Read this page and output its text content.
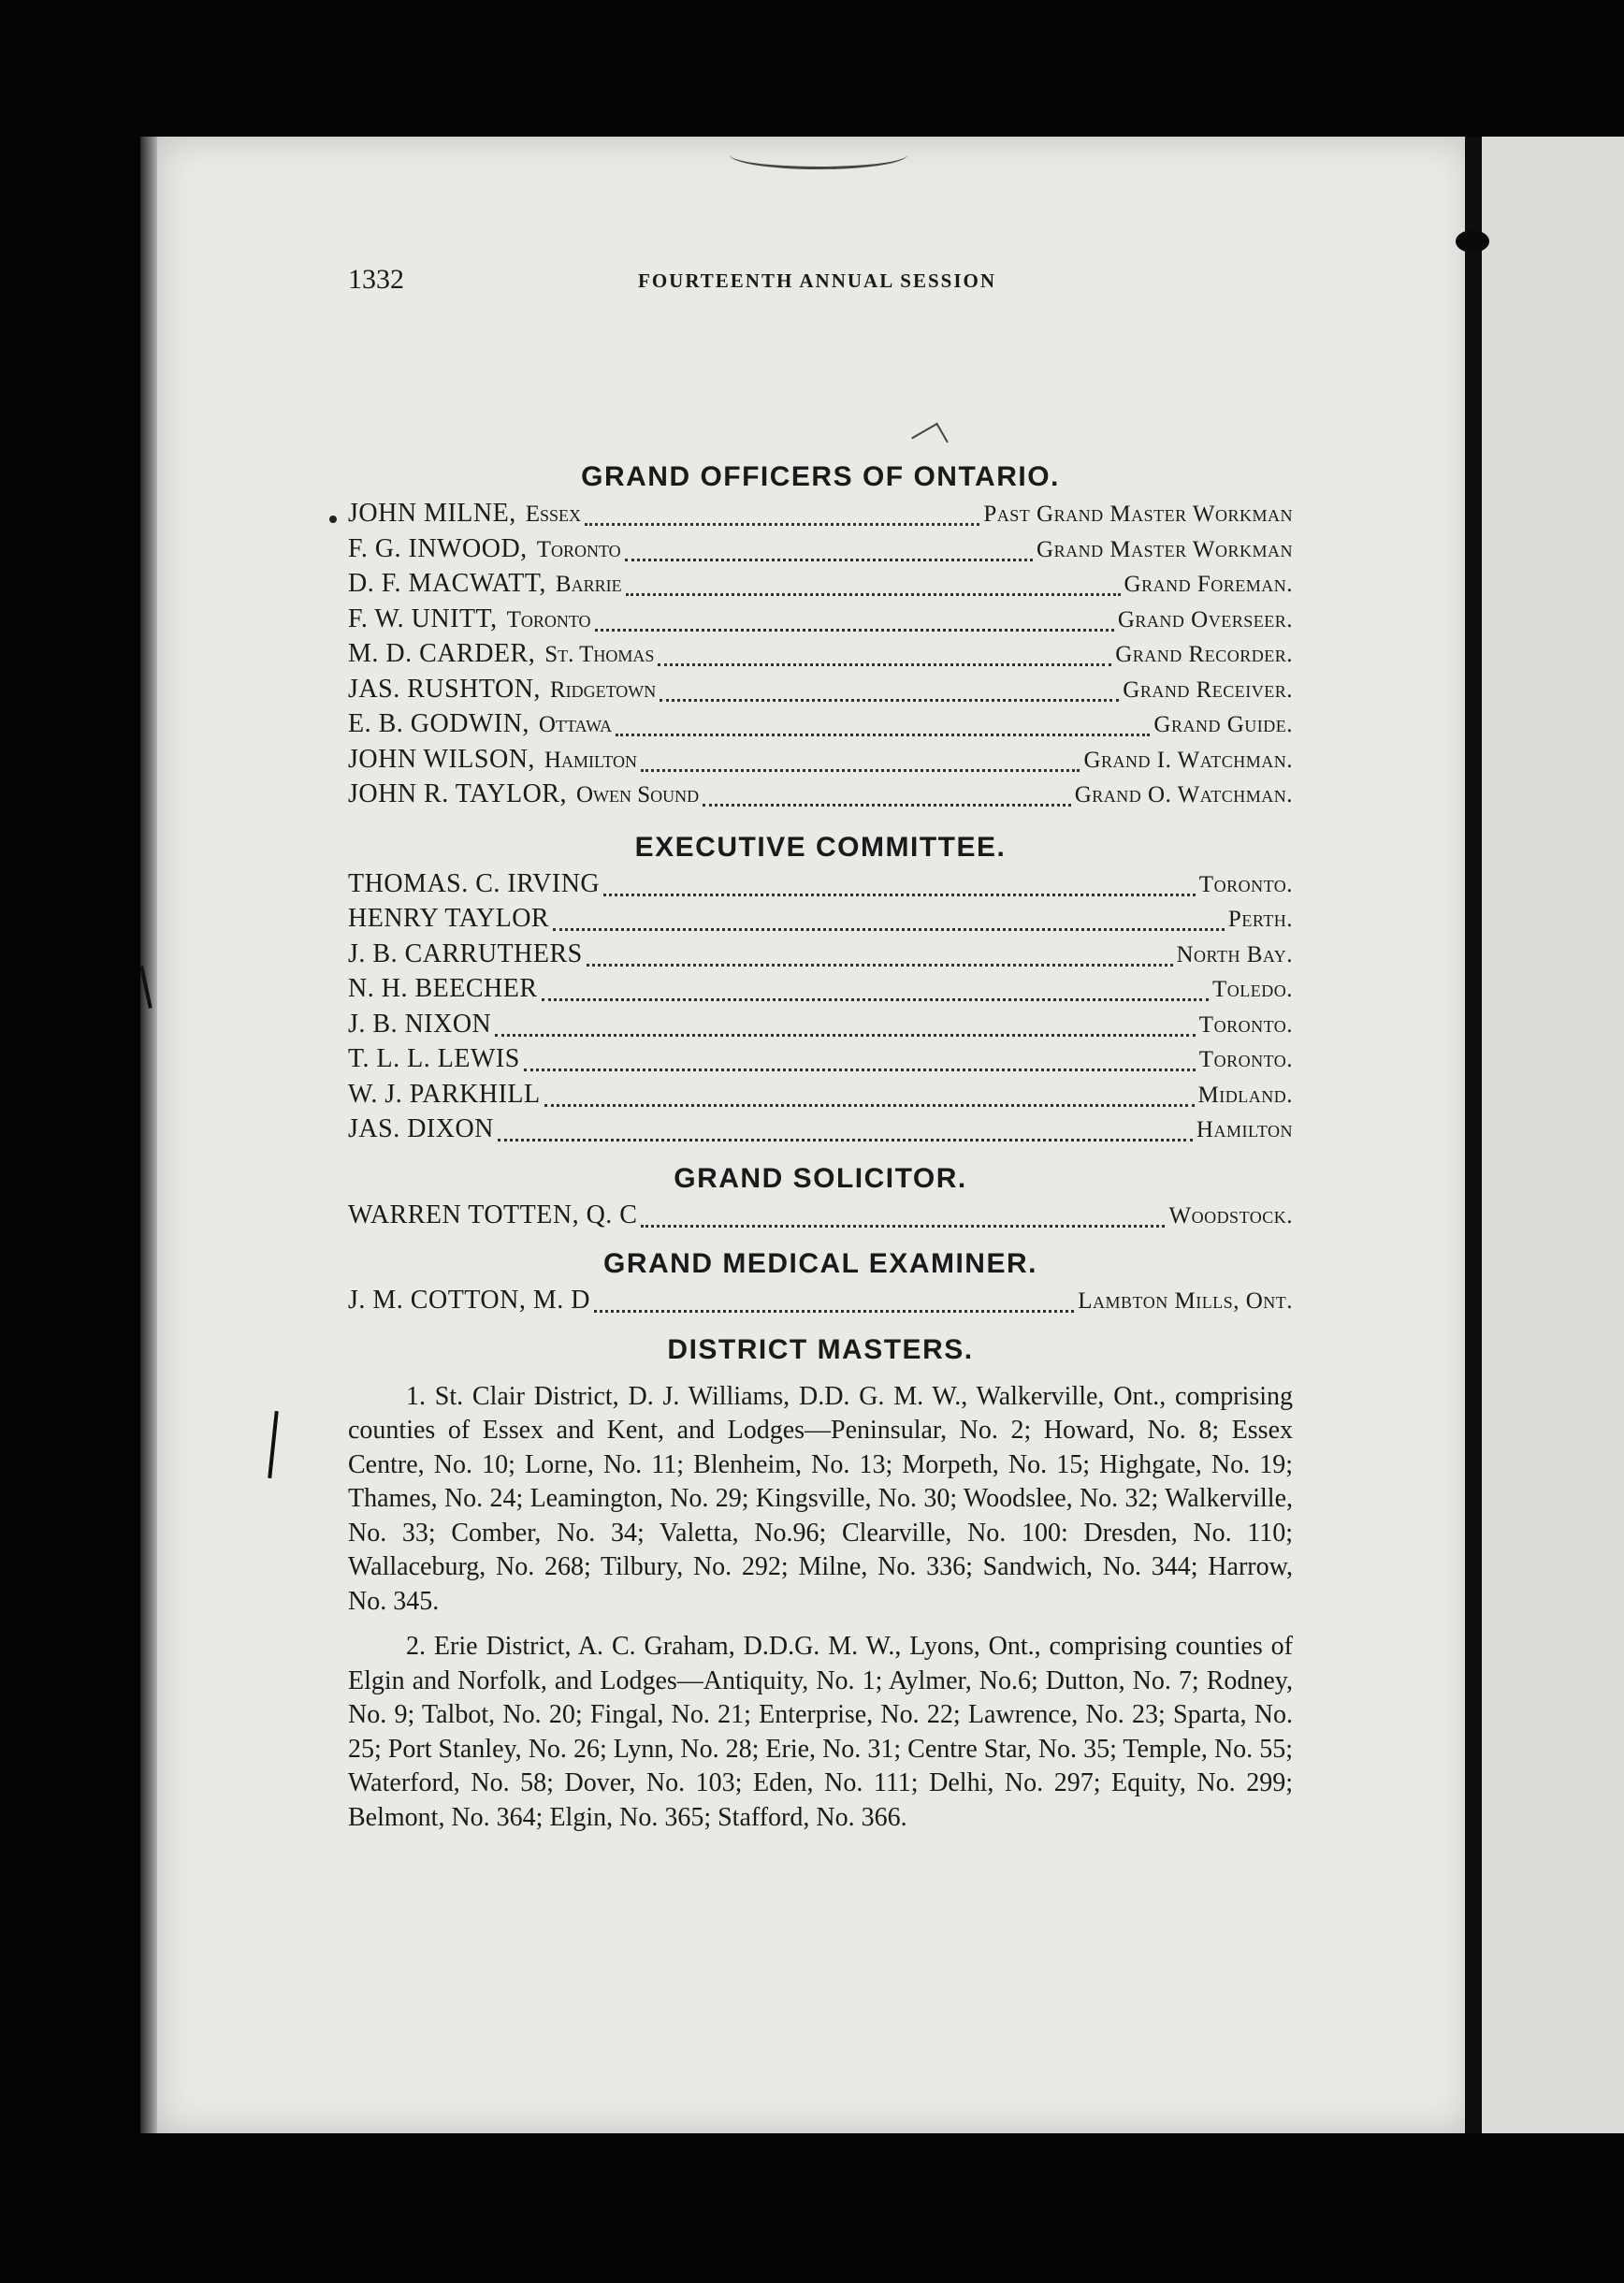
1332	FOURTEENTH ANNUAL SESSION
GRAND OFFICERS OF ONTARIO.
JOHN MILNE, Essex	Past Grand Master Workman
F. G. INWOOD, Toronto	Grand Master Workman
D. F. MACWATT, Barrie	Grand Foreman.
F. W. UNITT, Toronto	Grand Overseer.
M. D. CARDER, St. Thomas	Grand Recorder.
JAS. RUSHTON, Ridgetown	Grand Receiver.
E. B. GODWIN, Ottawa	Grand Guide.
JOHN WILSON, Hamilton	Grand I. Watchman.
JOHN R. TAYLOR, Owen Sound	Grand O. Watchman.
EXECUTIVE COMMITTEE.
THOMAS. C. IRVING	Toronto.
HENRY TAYLOR	Perth.
J. B. CARRUTHERS	North Bay.
N. H. BEECHER	Toledo.
J. B. NIXON	Toronto.
T. L. L. LEWIS	Toronto.
W. J. PARKHILL	Midland.
JAS. DIXON	Hamilton
GRAND SOLICITOR.
WARREN TOTTEN, Q. C	Woodstock.
GRAND MEDICAL EXAMINER.
J. M. COTTON, M. D	Lambton Mills, Ont.
DISTRICT MASTERS.

1. St. Clair District, D. J. Williams, D.D. G. M. W., Walkerville, Ont., comprising counties of Essex and Kent, and Lodges—Peninsular, No. 2; Howard, No. 8; Essex Centre, No. 10; Lorne, No. 11; Blenheim, No. 13; Morpeth, No. 15; Highgate, No. 19; Thames, No. 24; Leamington, No. 29; Kingsville, No. 30; Woodslee, No. 32; Walkerville, No. 33; Comber, No. 34; Valetta, No.96; Clearville, No. 100: Dresden, No. 110; Wallaceburg, No. 268; Tilbury, No. 292; Milne, No. 336; Sandwich, No. 344; Harrow, No. 345.

2. Erie District, A. C. Graham, D.D.G. M. W., Lyons, Ont., comprising counties of Elgin and Norfolk, and Lodges—Antiquity, No. 1; Aylmer, No.6; Dutton, No. 7; Rodney, No. 9; Talbot, No. 20; Fingal, No. 21; Enterprise, No. 22; Lawrence, No. 23; Sparta, No. 25; Port Stanley, No. 26; Lynn, No. 28; Erie, No. 31; Centre Star, No. 35; Temple, No. 55; Waterford, No. 58; Dover, No. 103; Eden, No. 111; Delhi, No. 297; Equity, No. 299; Belmont, No. 364; Elgin, No. 365; Stafford, No. 366.
